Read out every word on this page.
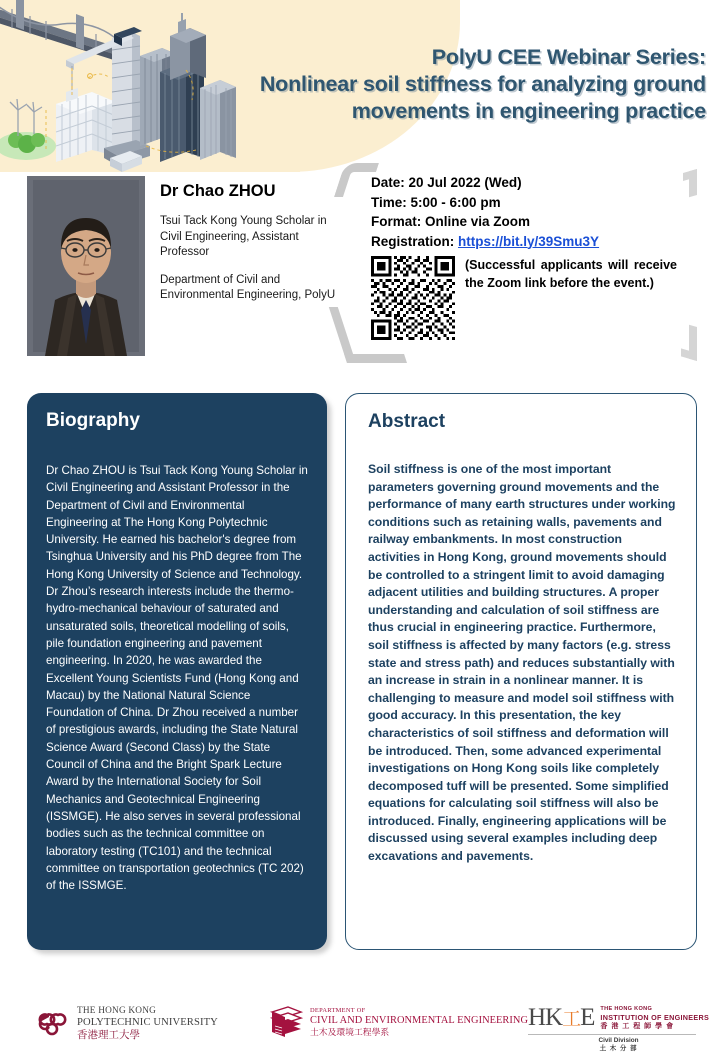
PolyU CEE Webinar Series:
Nonlinear soil stiffness for analyzing ground
movements in engineering practice
Dr Chao ZHOU
Tsui Tack Kong Young Scholar in Civil Engineering, Assistant Professor
Department of Civil and Environmental Engineering, PolyU
Date: 20 Jul 2022 (Wed)
Time: 5:00 - 6:00 pm
Format: Online via Zoom
Registration: https://bit.ly/39Smu3Y
(Successful applicants will receive the Zoom link before the event.)
Biography
Dr Chao ZHOU is Tsui Tack Kong Young Scholar in Civil Engineering and Assistant Professor in the Department of Civil and Environmental Engineering at The Hong Kong Polytechnic University. He earned his bachelor's degree from Tsinghua University and his PhD degree from The Hong Kong University of Science and Technology. Dr Zhou’s research interests include the thermo-hydro-mechanical behaviour of saturated and unsaturated soils, theoretical modelling of soils, pile foundation engineering and pavement engineering. In 2020, he was awarded the Excellent Young Scientists Fund (Hong Kong and Macau) by the National Natural Science Foundation of China. Dr Zhou received a number of prestigious awards, including the State Natural Science Award (Second Class) by the State Council of China and the Bright Spark Lecture Award by the International Society for Soil Mechanics and Geotechnical Engineering (ISSMGE). He also serves in several professional bodies such as the technical committee on laboratory testing (TC101) and the technical committee on transportation geotechnics (TC 202) of the ISSMGE.
Abstract
Soil stiffness is one of the most important parameters governing ground movements and the performance of many earth structures under working conditions such as retaining walls, pavements and railway embankments. In most construction activities in Hong Kong, ground movements should be controlled to a stringent limit to avoid damaging adjacent utilities and building structures. A proper understanding and calculation of soil stiffness are thus crucial in engineering practice. Furthermore, soil stiffness is affected by many factors (e.g. stress state and stress path) and reduces substantially with an increase in strain in a nonlinear manner. It is challenging to measure and model soil stiffness with good accuracy. In this presentation, the key characteristics of soil stiffness and deformation will be introduced. Then, some advanced experimental investigations on Hong Kong soils like completely decomposed tuff will be presented. Some simplified equations for calculating soil stiffness will also be introduced. Finally, engineering applications will be discussed using several examples including deep excavations and pavements.
THE HONG KONG
POLYTECHNIC UNIVERSITY
香港理工大學
DEPARTMENT OF
CIVIL AND ENVIRONMENTAL ENGINEERING
土木及環境工程學系
HK工E THE HONG KONG
INSTITUTION OF ENGINEERS
香 港 工 程 師 學 會
Civil Division
土 木 分 部
